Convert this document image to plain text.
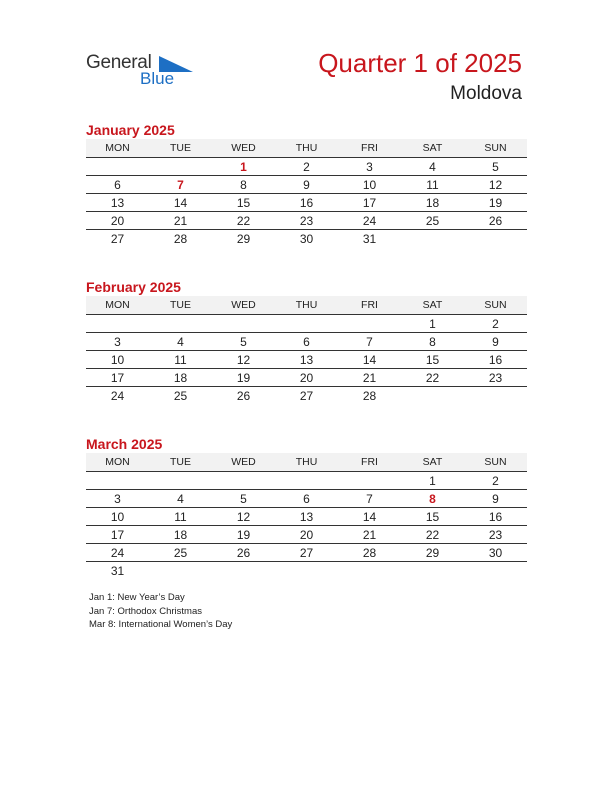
General
Blue
Quarter 1 of 2025
Moldova
January 2025
MON	TUE	WED	THU	FRI	SAT	SUN
		1	2	3	4	5
6	7	8	9	10	11	12
13	14	15	16	17	18	19
20	21	22	23	24	25	26
27	28	29	30	31		
February 2025
MON	TUE	WED	THU	FRI	SAT	SUN
					1	2
3	4	5	6	7	8	9
10	11	12	13	14	15	16
17	18	19	20	21	22	23
24	25	26	27	28		
March 2025
MON	TUE	WED	THU	FRI	SAT	SUN
					1	2
3	4	5	6	7	8	9
10	11	12	13	14	15	16
17	18	19	20	21	22	23
24	25	26	27	28	29	30
31						
Jan 1: New Year’s Day
Jan 7: Orthodox Christmas
Mar 8: International Women’s Day
